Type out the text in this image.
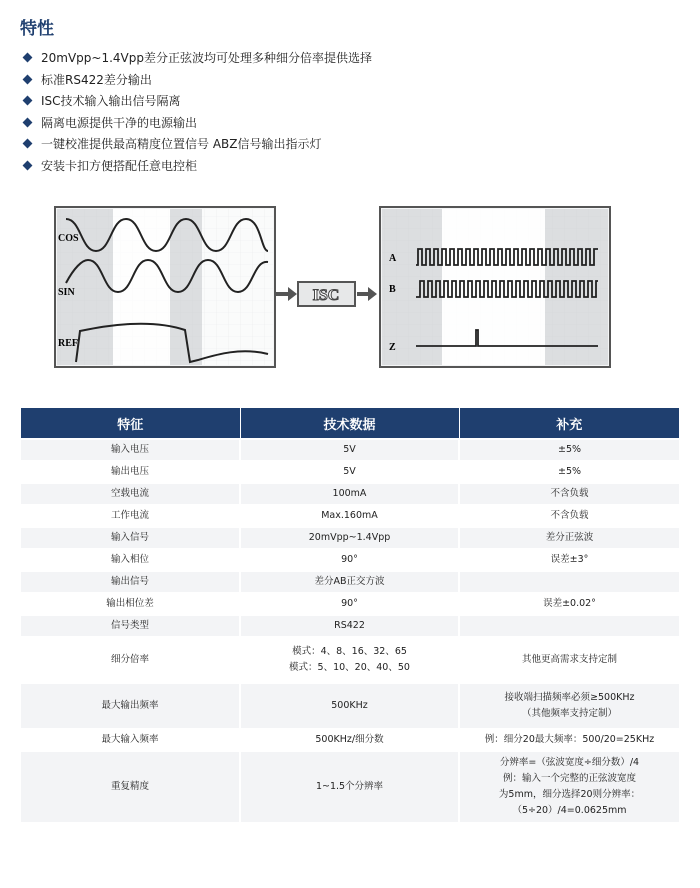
特性
20mVpp~1.4Vpp差分正弦波均可处理多种细分倍率提供选择
标准RS422差分输出
ISC技术输入输出信号隔离
隔离电源提供干净的电源输出
一键校准提供最高精度位置信号 ABZ信号输出指示灯
安装卡扣方便搭配任意电控柜
COS
SIN
REF
ISC
A
B
Z
特征	技术数据	补充
输入电压	5V	±5%

输出电压	5V	±5%

空载电流	100mA	不含负载

工作电流	Max.160mA	不含负载

输入信号	20mVpp~1.4Vpp	差分正弦波

输入相位	90°	误差±3°

输出信号	差分AB正交方波	

输出相位差	90°	误差±0.02°

信号类型	RS422	

细分倍率	模式：4、8、16、32、65
模式：5、10、20、40、50	其他更高需求支持定制

最大输出频率	500KHz	接收端扫描频率必须≥500KHz
（其他频率支持定制）

最大输入频率	500KHz/细分数	例：细分20最大频率：500/20=25KHz

重复精度	1~1.5个分辨率	分辨率=（弦波宽度÷细分数）/4
例：输入一个完整的正弦波宽度
为5mm，细分选择20则分辨率：
（5÷20）/4=0.0625mm
